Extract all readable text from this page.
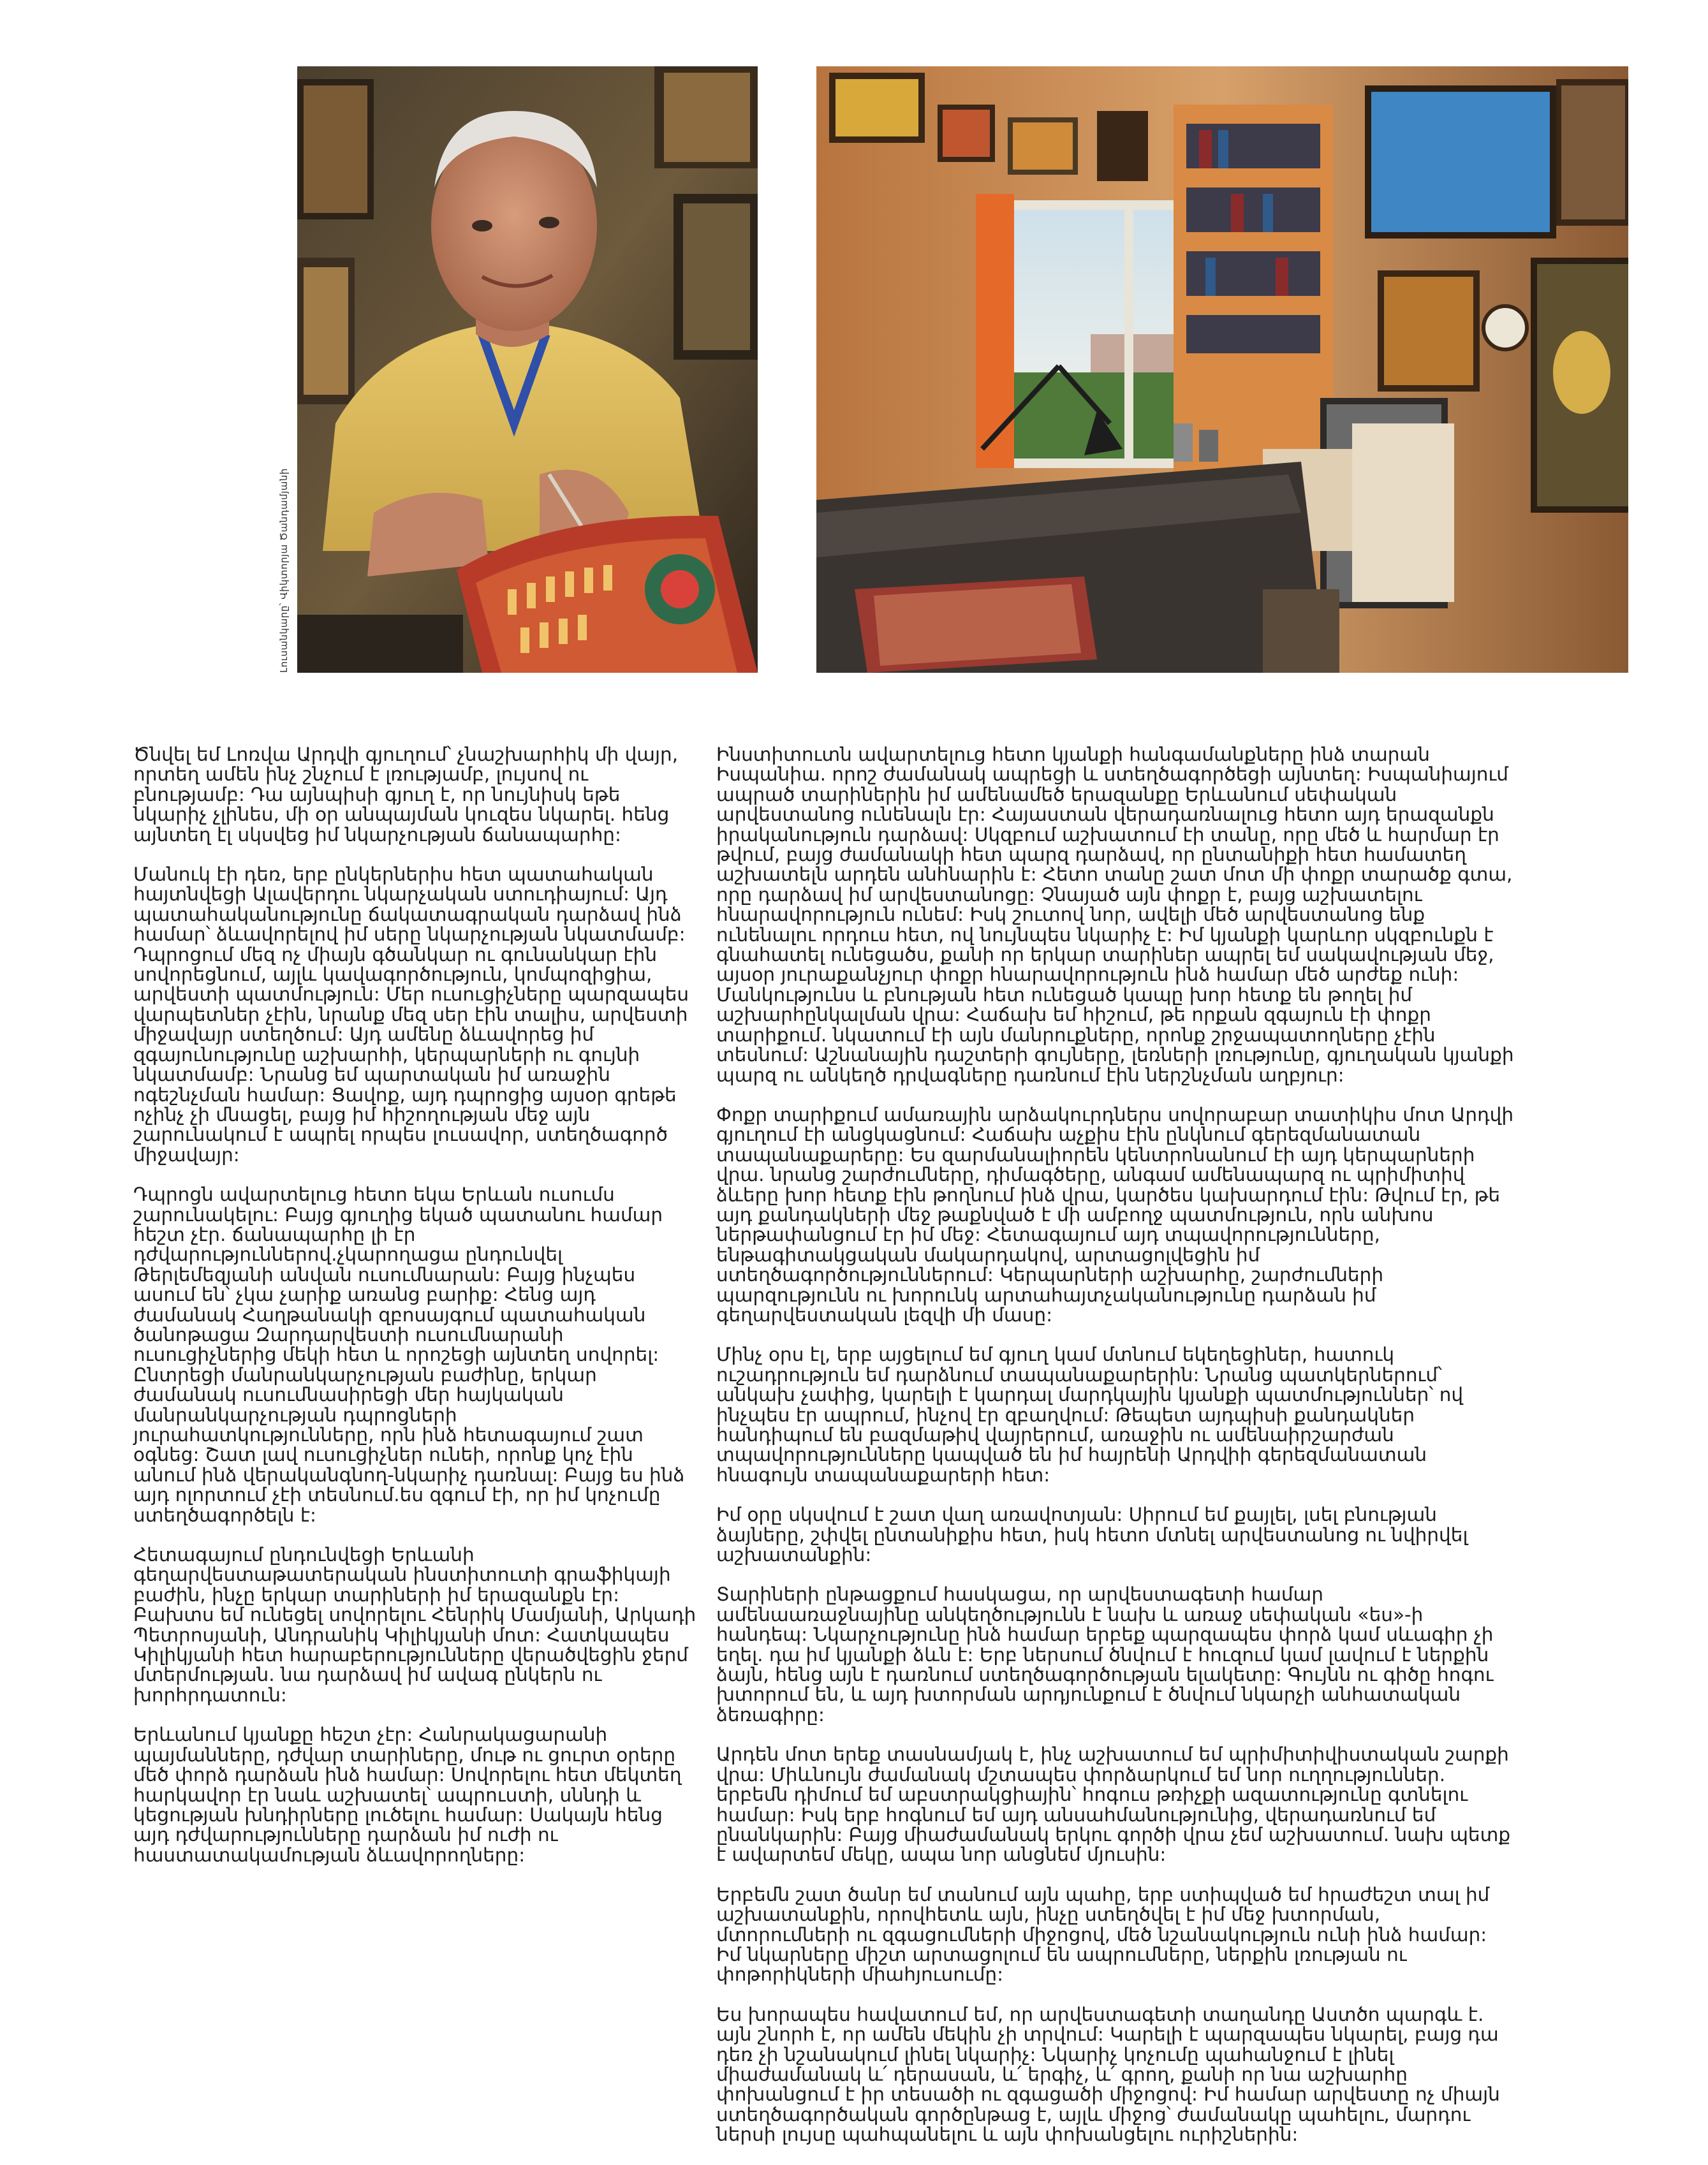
Լուսանկարը՝ Վիկտորյա Ծանդամյանի

Ծնվել եմ Լոռվա Արդվի գյուղում՝ չնաշխարհիկ մի վայր, որտեղ ամեն ինչ շնչում է լռությամբ, լույսով ու բնությամբ: Դա այնպիսի գյուղ է, որ նույնիսկ եթե նկարիչ չլինես, մի օր անպայման կուզես նկարել. հենց այնտեղ էլ սկսվեց իմ նկարչության ճանապարհը:

Մանուկ էի դեռ, երբ ընկերներիս հետ պատահական հայտնվեցի Ալավերդու նկարչական ստուդիայում: Այդ պատահականությունը ճակատագրական դարձավ ինձ համար՝ ձևավորելով իմ սերը նկարչության նկատմամբ: Դպրոցում մեզ ոչ միայն գծանկար ու գունանկար էին սովորեցնում, այլև կավագործություն, կոմպոզիցիա, արվեստի պատմություն: Մեր ուսուցիչները պարզապես վարպետներ չէին, նրանք մեզ սեր էին տալիս, արվեստի միջավայր ստեղծում: Այդ ամենը ձևավորեց իմ զգայունությունը աշխարհի, կերպարների ու գույնի նկատմամբ: Նրանց եմ պարտական իմ առաջին ոգեշնչման համար: Ցավոք, այդ դպրոցից այսօր գրեթե ոչինչ չի մնացել, բայց իմ հիշողության մեջ այն շարունակում է ապրել որպես լուսավոր, ստեղծագործ միջավայր:

Դպրոցն ավարտելուց հետո եկա Երևան ուսումս շարունակելու: Բայց գյուղից եկած պատանու համար հեշտ չէր. ճանապարհը լի էր դժվարություններով.չկարողացա ընդունվել Թերլեմեզյանի անվան ուսումնարան: Բայց ինչպես ասում են՝ չկա չարիք առանց բարիք: Հենց այդ ժամանակ Հաղթանակի զբոսայգում պատահական ծանոթացա Զարդարվեստի ուսումնարանի ուսուցիչներից մեկի հետ և որոշեցի այնտեղ սովորել: Ընտրեցի մանրանկարչության բաժինը, երկար ժամանակ ուսումնասիրեցի մեր հայկական մանրանկարչության դպրոցների յուրահատկությունները, որն ինձ հետագայում շատ օգնեց: Շատ լավ ուսուցիչներ ունեի, որոնք կոչ էին անում ինձ վերականգնող-նկարիչ դառնալ: Բայց ես ինձ այդ ոլորտում չէի տեսնում.ես զգում էի, որ իմ կոչումը ստեղծագործելն է:

Հետագայում ընդունվեցի Երևանի գեղարվեստաթատերական ինստիտուտի գրաֆիկայի բաժին, ինչը երկար տարիների իմ երազանքն էր: Բախտս եմ ունեցել սովորելու Հենրիկ Մամյանի, Արկադի Պետրոսյանի, Անդրանիկ Կիլիկյանի մոտ: Հատկապես Կիլիկյանի հետ հարաբերությունները վերածվեցին ջերմ մտերմության. նա դարձավ իմ ավագ ընկերն ու խորհրդատուն:

Երևանում կյանքը հեշտ չէր: Հանրակացարանի պայմանները, դժվար տարիները, մութ ու ցուրտ օրերը մեծ փորձ դարձան ինձ համար: Սովորելու հետ մեկտեղ հարկավոր էր նաև աշխատել՝ ապրուստի, սննդի և կեցության խնդիրները լուծելու համար: Սակայն հենց այդ դժվարությունները դարձան իմ ուժի ու հաստատակամության ձևավորողները:

Ինստիտուտն ավարտելուց հետո կյանքի հանգամանքները ինձ տարան Իսպանիա. որոշ ժամանակ ապրեցի և ստեղծագործեցի այնտեղ: Իսպանիայում ապրած տարիներին իմ ամենամեծ երազանքը Երևանում սեփական արվեստանոց ունենալն էր: Հայաստան վերադառնալուց հետո այդ երազանքն իրականություն դարձավ: Սկզբում աշխատում էի տանը, որը մեծ և հարմար էր թվում, բայց ժամանակի հետ պարզ դարձավ, որ ընտանիքի հետ համատեղ աշխատելն արդեն անհնարին է: Հետո տանը շատ մոտ մի փոքր տարածք գտա, որը դարձավ իմ արվեստանոցը: Չնայած այն փոքր է, բայց աշխատելու հնարավորություն ունեմ: Իսկ շուտով նոր, ավելի մեծ արվեստանոց ենք ունենալու որդուս հետ, ով նույնպես նկարիչ է: Իմ կյանքի կարևոր սկզբունքն է գնահատել ունեցածս, քանի որ երկար տարիներ ապրել եմ սակավության մեջ, այսօր յուրաքանչյուր փոքր հնարավորություն ինձ համար մեծ արժեք ունի: Մանկությունս և բնության հետ ունեցած կապը խոր հետք են թողել իմ աշխարհընկալման վրա: Հաճախ եմ հիշում, թե որքան զգայուն էի փոքր տարիքում. նկատում էի այն մանրուքները, որոնք շրջապատողները չէին տեսնում: Աշնանային դաշտերի գույները, լեռների լռությունը, գյուղական կյանքի պարզ ու անկեղծ դրվագները դառնում էին ներշնչման աղբյուր:

Փոքր տարիքում ամառային արձակուրդներս սովորաբար տատիկիս մոտ Արդվի գյուղում էի անցկացնում: Հաճախ աչքիս էին ընկնում գերեզմանատան տապանաքարերը: Ես զարմանալիորեն կենտրոնանում էի այդ կերպարների վրա. նրանց շարժումները, դիմագծերը, անգամ ամենապարզ ու պրիմիտիվ ձևերը խոր հետք էին թողնում ինձ վրա, կարծես կախարդում էին: Թվում էր, թե այդ քանդակների մեջ թաքնված է մի ամբողջ պատմություն, որն անխոս ներթափանցում էր իմ մեջ: Հետագայում այդ տպավորությունները, ենթագիտակցական մակարդակով, արտացոլվեցին իմ ստեղծագործություններում: Կերպարների աշխարհը, շարժումների պարզությունն ու խորունկ արտահայտչականությունը դարձան իմ գեղարվեստական լեզվի մի մասը:

Մինչ օրս էլ, երբ այցելում եմ գյուղ կամ մտնում եկեղեցիներ, հատուկ ուշադրություն եմ դարձնում տապանաքարերին: Նրանց պատկերներում՝ անկախ չափից, կարելի է կարդալ մարդկային կյանքի պատմություններ՝ ով ինչպես էր ապրում, ինչով էր զբաղվում: Թեպետ այդպիսի քանդակներ հանդիպում են բազմաթիվ վայրերում, առաջին ու ամենաիրշարժան տպավորությունները կապված են իմ հայրենի Արդվիի գերեզմանատան հնագույն տապանաքարերի հետ:

Իմ օրը սկսվում է շատ վաղ առավոտյան: Սիրում եմ քայլել, լսել բնության ձայները, շփվել ընտանիքիս հետ, իսկ հետո մտնել արվեստանոց ու նվիրվել աշխատանքին:

Տարիների ընթացքում հասկացա, որ արվեստագետի համար ամենաառաջնայինը անկեղծությունն է նախ և առաջ սեփական «ես»-ի հանդեպ: Նկարչությունը ինձ համար երբեք պարզապես փորձ կամ սևագիր չի եղել. դա իմ կյանքի ձևն է: Երբ ներսում ծնվում է հուզում կամ լավում է ներքին ձայն, հենց այն է դառնում ստեղծագործության ելակետը: Գույնն ու գիծը հոգու խտորում են, և այդ խտորման արդյունքում է ծնվում նկարչի անհատական ձեռագիրը:

Արդեն մոտ երեք տասնամյակ է, ինչ աշխատում եմ պրիմիտիվիստական շարքի վրա: Միևնույն ժամանակ մշտապես փորձարկում եմ նոր ուղղություններ. երբեմն դիմում եմ աբստրակցիային՝ հոգուս թռիչքի ազատությունը գտնելու համար: Իսկ երբ հոգնում եմ այդ անսահմանությունից, վերադառնում եմ ընանկարին: Բայց միաժամանակ երկու գործի վրա չեմ աշխատում. նախ պետք է ավարտեմ մեկը, ապա նոր անցնեմ մյուսին:

Երբեմն շատ ծանր եմ տանում այն պահը, երբ ստիպված եմ հրաժեշտ տալ իմ աշխատանքին, որովհետև այն, ինչը ստեղծվել է իմ մեջ խտորման, մտորումների ու զգացումների միջոցով, մեծ նշանակություն ունի ինձ համար: Իմ նկարները միշտ արտացոլում են ապրումները, ներքին լռության ու փոթորիկների միահյուսումը:

Ես խորապես հավատում եմ, որ արվեստագետի տաղանդը Աստծո պարգև է. այն շնորհ է, որ ամեն մեկին չի տրվում: Կարելի է պարզապես նկարել, բայց դա դեռ չի նշանակում լինել նկարիչ: Նկարիչ կոչումը պահանջում է լինել միաժամանակ և՛ դերասան, և՛ երգիչ, և՛ գրող, քանի որ նա աշխարհը փոխանցում է իր տեսածի ու զգացածի միջոցով: Իմ համար արվեստը ոչ միայն ստեղծագործական գործընթաց է, այլև միջոց՝ ժամանակը պահելու, մարդու ներսի լույսը պահպանելու և այն փոխանցելու ուրիշներին:
